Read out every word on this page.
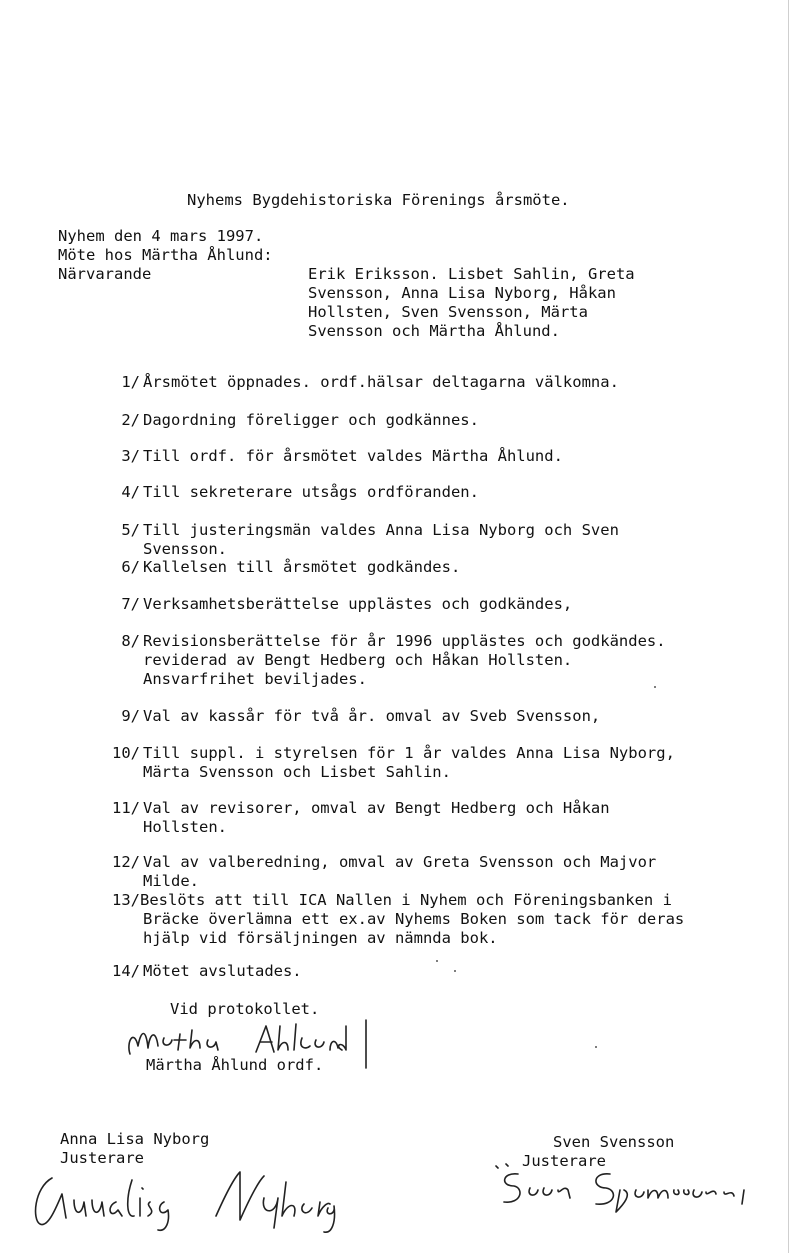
Nyhems Bygdehistoriska Förenings årsmöte.
Nyhem den 4 mars 1997.
Möte hos Märtha Åhlund:
Närvarande	Erik Eriksson. Lisbet Sahlin, Greta
Svensson, Anna Lisa Nyborg, Håkan
Hollsten, Sven Svensson, Märta
Svensson och Märtha Åhlund.
1/ Årsmötet öppnades. ordf.hälsar deltagarna välkomna.
2/ Dagordning föreligger och godkännes.
3/ Till ordf. för årsmötet valdes Märtha Åhlund.
4/ Till sekreterare utsågs ordföranden.
5/ Till justeringsmän valdes Anna Lisa Nyborg och Sven
Svensson.
6/ Kallelsen till årsmötet godkändes.
7/ Verksamhetsberättelse upplästes och godkändes,
8/ Revisionsberättelse för år 1996 upplästes och godkändes.
reviderad av Bengt Hedberg och Håkan Hollsten.
Ansvarfrihet beviljades.
9/ Val av kassår för två år. omval av Sveb Svensson,
10/ Till suppl. i styrelsen för 1 år valdes Anna Lisa Nyborg,
Märta Svensson och Lisbet Sahlin.
11/ Val av revisorer, omval av Bengt Hedberg och Håkan
Hollsten.
12/ Val av valberedning, omval av Greta Svensson och Majvor
Milde.
13/ Beslöts att till ICA Nallen i Nyhem och Föreningsbanken i
Bräcke överlämna ett ex.av Nyhems Boken som tack för deras
hjälp vid försäljningen av nämnda bok.
14/ Mötet avslutades.
Vid protokollet.
Märtha Åhlund ordf.
Anna Lisa Nyborg
Justerare
Sven Svensson
Justerare
